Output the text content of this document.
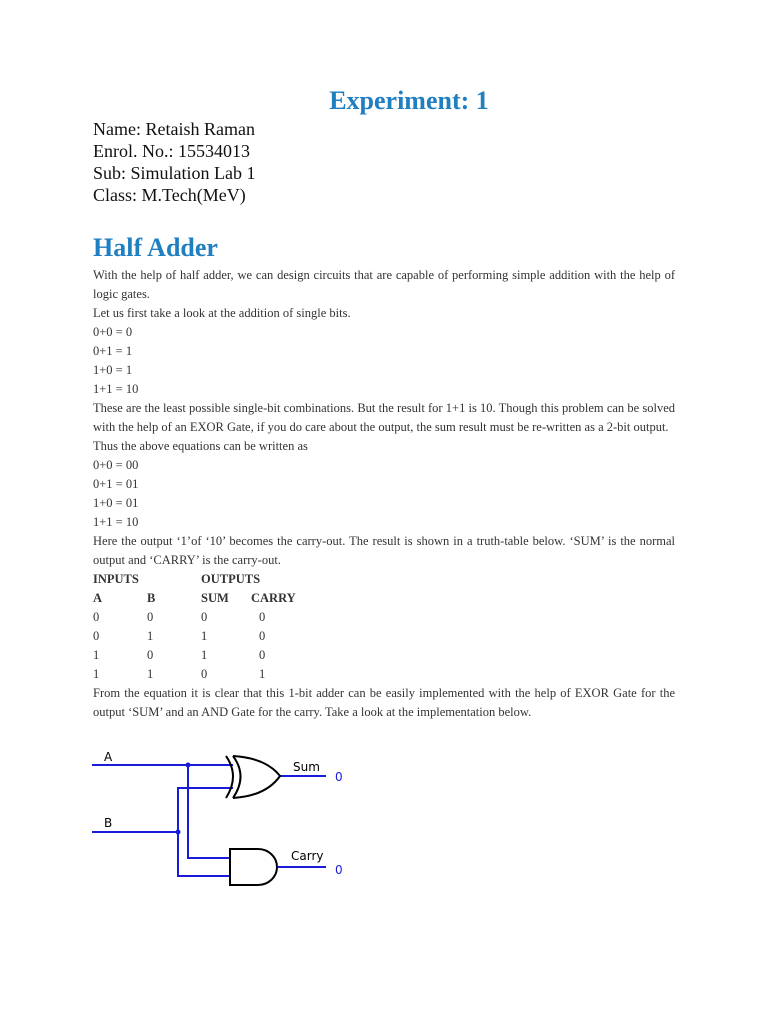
Experiment: 1
Name: Retaish Raman
Enrol. No.: 15534013
Sub: Simulation Lab 1
Class: M.Tech(MeV)
Half Adder

With the help of half adder, we can design circuits that are capable of performing simple addition with the help of logic gates.

Let us first take a look at the addition of single bits.

0+0 = 0

0+1 = 1

1+0 = 1

1+1 = 10

These are the least possible single-bit combinations. But the result for 1+1 is 10. Though this problem can be solved with the help of an EXOR Gate, if you do care about the output, the sum result must be re-written as a 2-bit output.

Thus the above equations can be written as

0+0 = 00

0+1 = 01

1+0 = 01

1+1 = 10

Here the output ‘1’of ‘10’ becomes the carry-out. The result is shown in a truth-table below. ‘SUM’ is the normal output and ‘CARRY’ is the carry-out.

INPUTS		OUTPUTS	
A	B	SUM	CARRY
0	0	0	0
0	1	1	0
1	0	1	0
1	1	0	1

From the equation it is clear that this 1-bit adder can be easily implemented with the help of EXOR Gate for the output ‘SUM’ and an AND Gate for the carry. Take a look at the implementation below.

A
B
Sum
0
Carry
0
